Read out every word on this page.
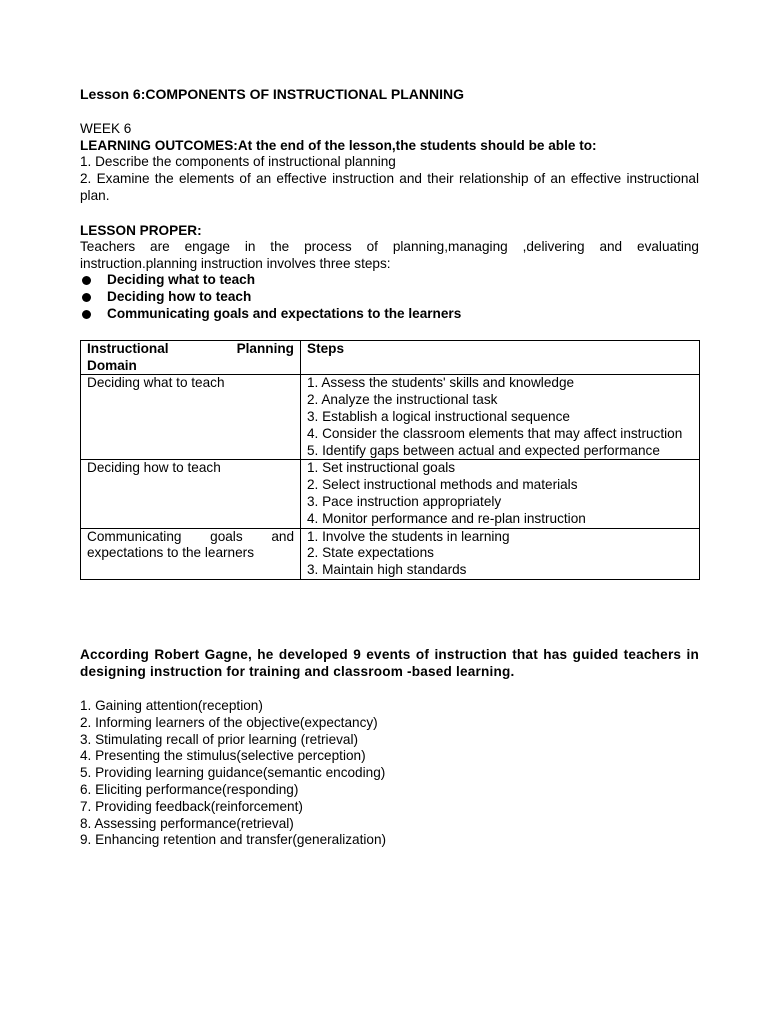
Lesson 6:COMPONENTS OF INSTRUCTIONAL PLANNING
WEEK 6
LEARNING OUTCOMES:At the end of the lesson,the students should be able to:
1. Describe the components of instructional planning
2. Examine the elements of an effective instruction and their relationship of an effective instructional plan.
LESSON PROPER:
Teachers are engage in the process of planning,managing ,delivering and evaluating instruction.planning instruction involves three steps:
Deciding what to teach
Deciding how to teach
Communicating goals and expectations to the learners
Instructional Planning
Domain	Steps
Deciding what to teach	1. Assess the students' skills and knowledge
2. Analyze the instructional task
3. Establish a logical instructional sequence
4. Consider the classroom elements that may affect instruction
5. Identify gaps between actual and expected performance

Deciding how to teach	1. Set instructional goals
2. Select instructional methods and materials
3. Pace instruction appropriately
4. Monitor performance and re-plan instruction

Communicating goals and expectations to the learners	1. Involve the students in learning
2. State expectations
3. Maintain high standards
According Robert Gagne, he developed 9 events of instruction that has guided teachers in designing instruction for training and classroom -based learning.
1. Gaining attention(reception)
2. Informing learners of the objective(expectancy)
3. Stimulating recall of prior learning (retrieval)
4. Presenting the stimulus(selective perception)
5. Providing learning guidance(semantic encoding)
6. Eliciting performance(responding)
7. Providing feedback(reinforcement)
8. Assessing performance(retrieval)
9. Enhancing retention and transfer(generalization)
